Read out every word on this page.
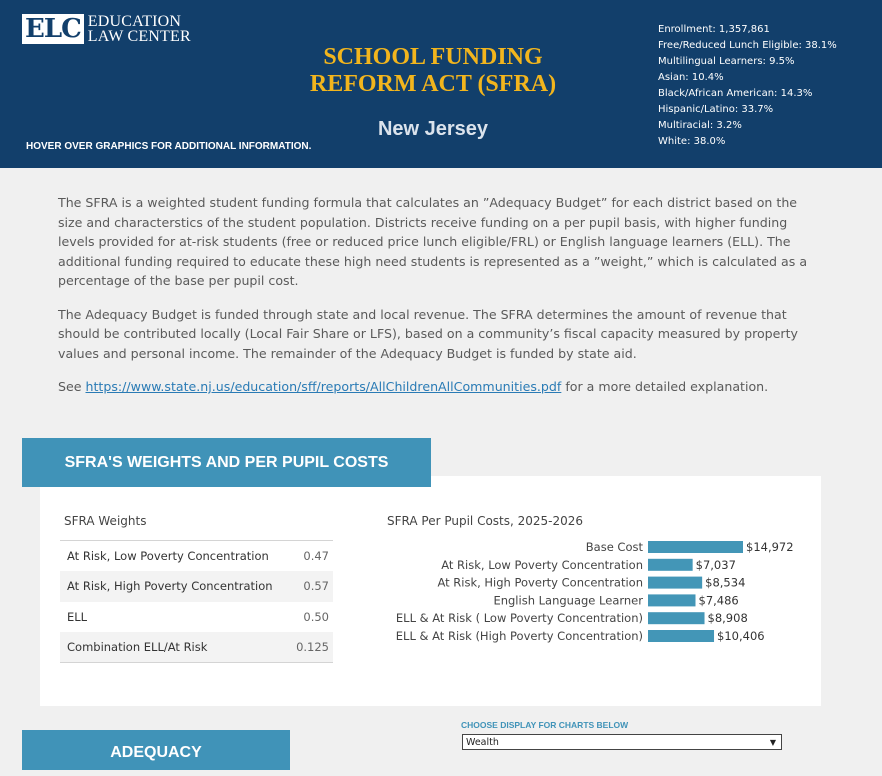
ELC EDUCATION
LAW CENTER
SCHOOL FUNDING
REFORM ACT (SFRA)
New Jersey
HOVER OVER GRAPHICS FOR ADDITIONAL INFORMATION.
Enrollment: 1,357,861
Free/Reduced Lunch Eligible: 38.1%
Multilingual Learners: 9.5%
Asian: 10.4%
Black/African American: 14.3%
Hispanic/Latino: 33.7%
Multiracial: 3.2%
White: 38.0%

The SFRA is a weighted student funding formula that calculates an ”Adequacy Budget” for each district based on the size and characterstics of the student population. Districts receive funding on a per pupil basis, with higher funding levels provided for at-risk students (free or reduced price lunch eligible/FRL) or English language learners (ELL). The additional funding required to educate these high need students is represented as a ”weight,” which is calculated as a percentage of the base per pupil cost.

The Adequacy Budget is funded through state and local revenue. The SFRA determines the amount of revenue that should be contributed locally (Local Fair Share or LFS), based on a community’s fiscal capacity measured by property values and personal income. The remainder of the Adequacy Budget is funded by state aid.

See https://www.state.nj.us/education/sff/reports/AllChildrenAllCommunities.pdf for a more detailed explanation.

SFRA'S WEIGHTS AND PER PUPIL COSTS
SFRA Weights
At Risk, Low Poverty Concentration	0.47
At Risk, High Poverty Concentration	0.57
ELL	0.50
Combination ELL/At Risk	0.125
SFRA Per Pupil Costs, 2025-2026
Base Cost	$14,972
At Risk, Low Poverty Concentration	$7,037
At Risk, High Poverty Concentration	$8,534
English Language Learner	$7,486
ELL & At Risk ( Low Poverty Concentration)	$8,908
ELL & At Risk (High Poverty Concentration)	$10,406
CHOOSE DISPLAY FOR CHARTS BELOW
Wealth	▼
ADEQUACY
